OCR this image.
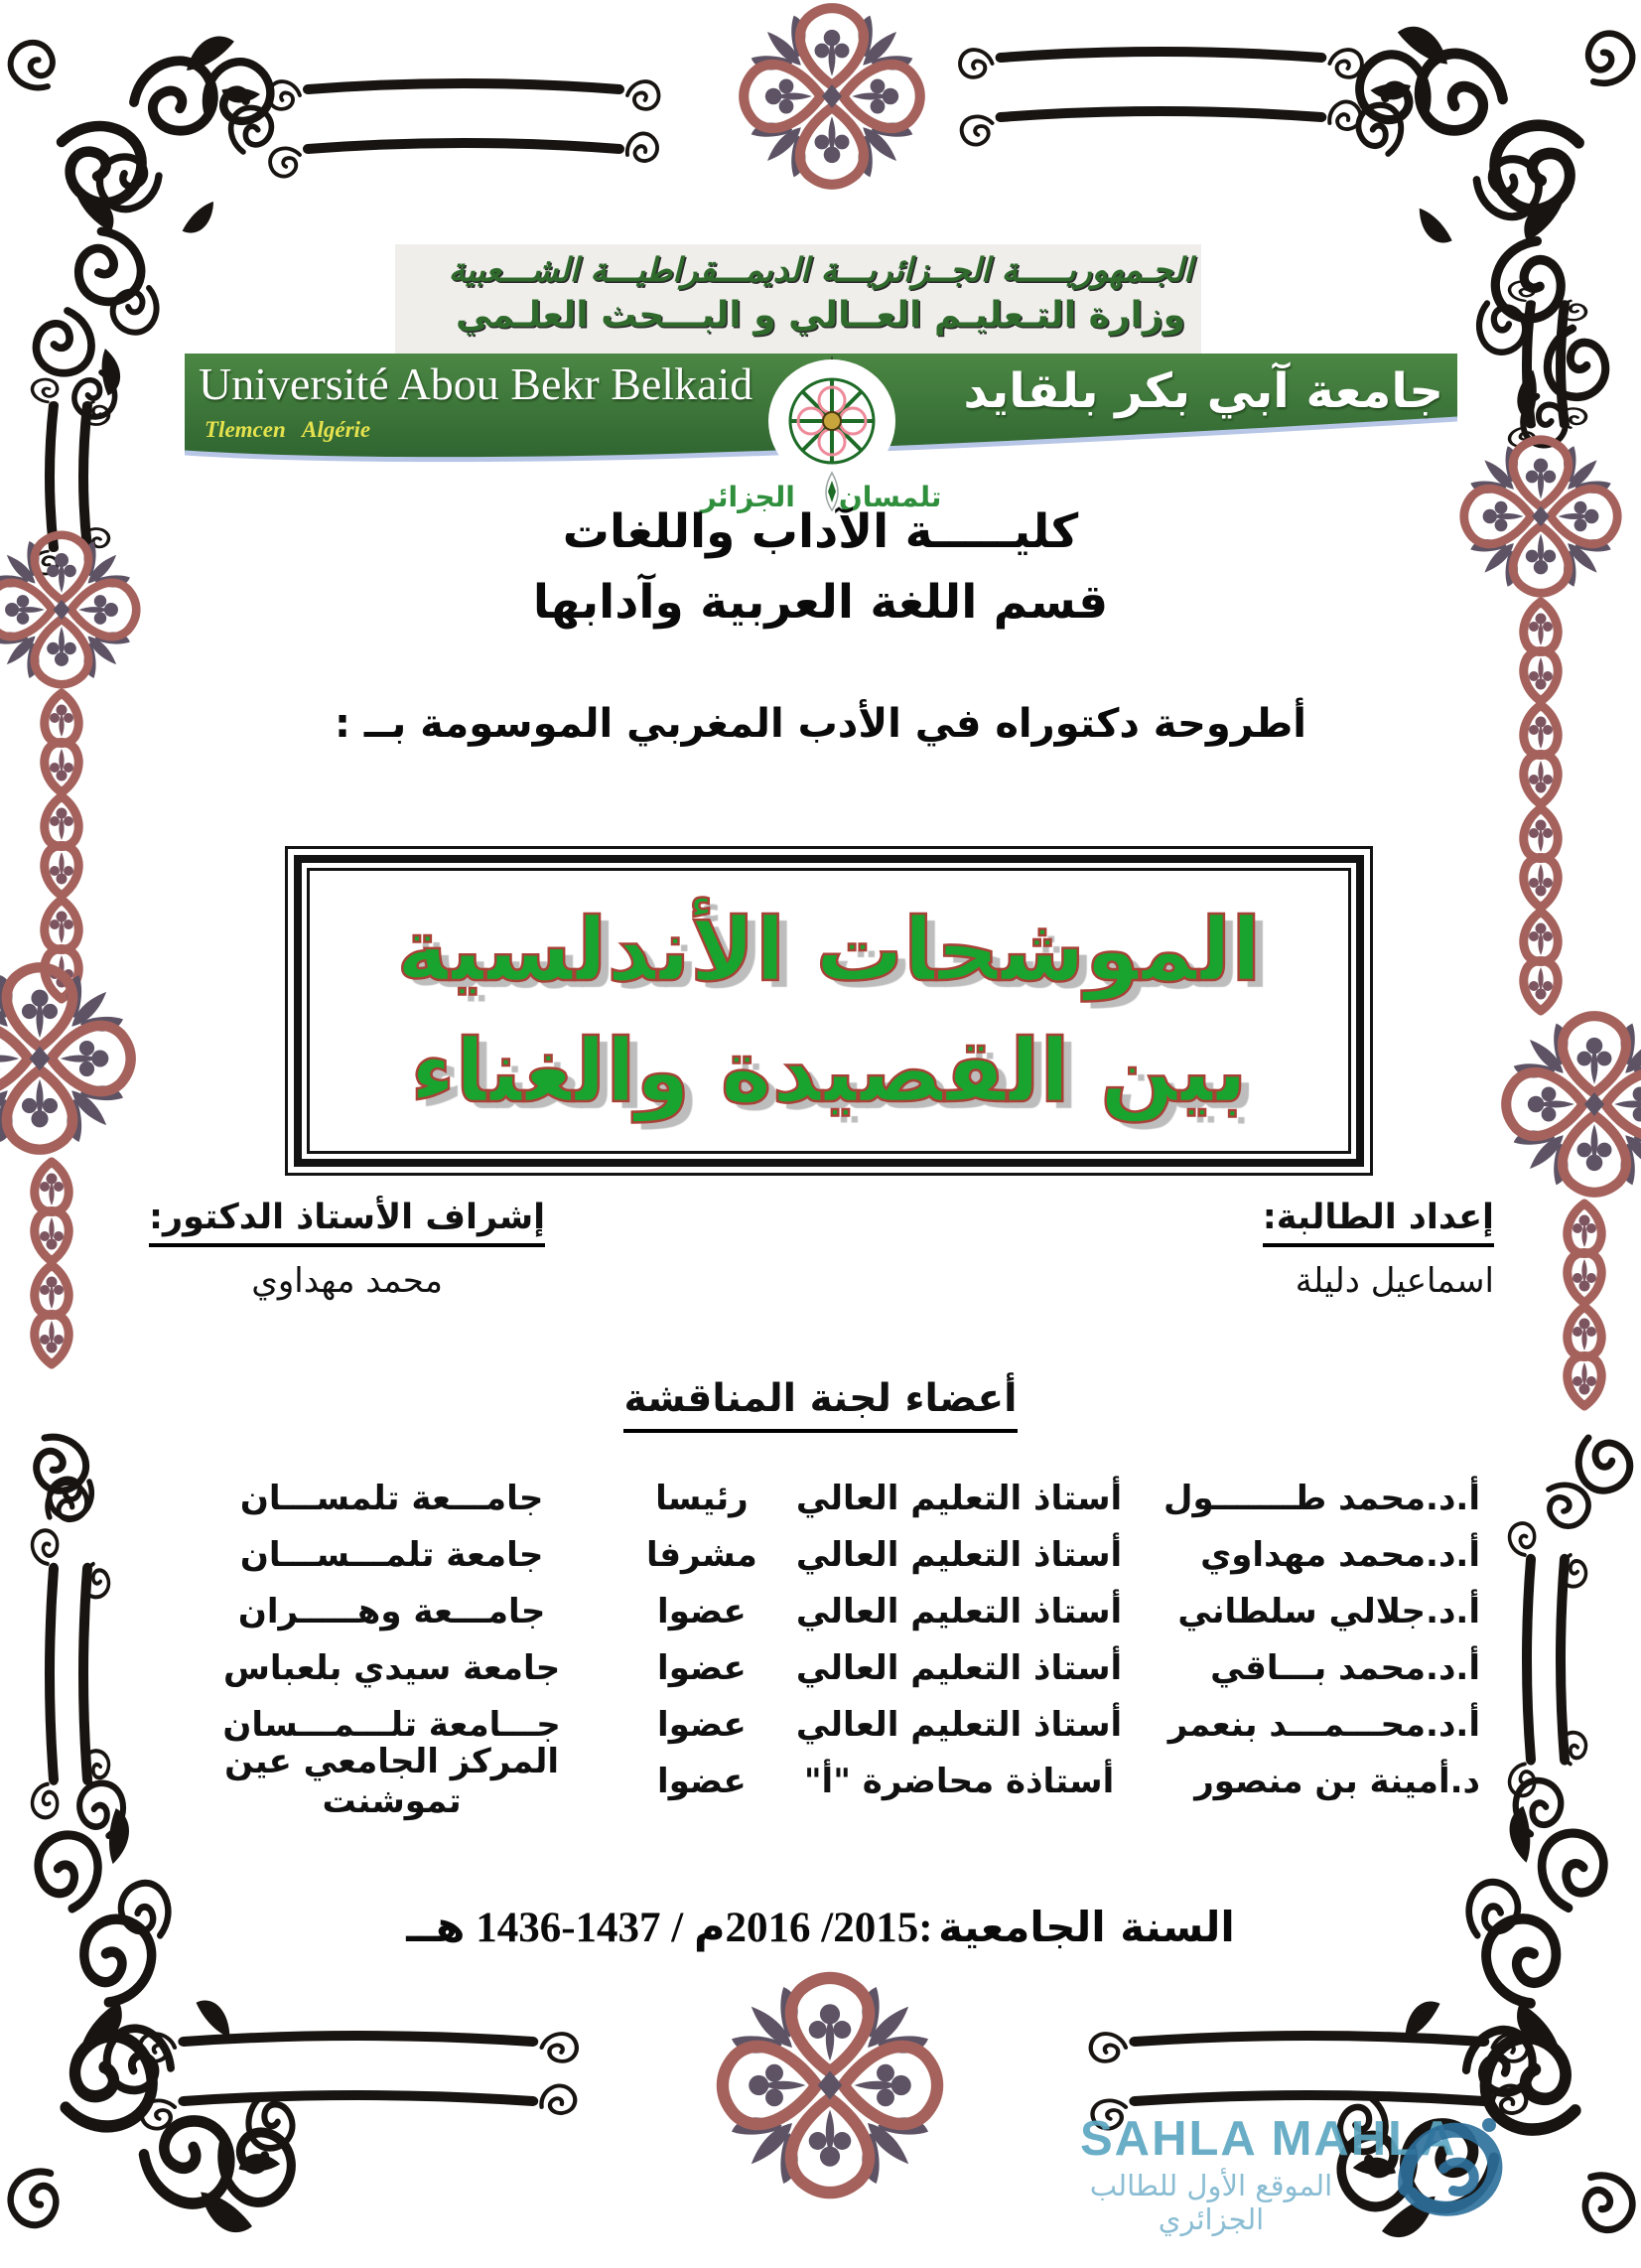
الجـمهوريـــــة الجــزائريـــة الديمـــقراطيـــة الشـــعبية
وزارة التـعليـم العــالي و البـــحث العلـمي
Université Abou Bekr Belkaid
Tlemcen   Algérie
جامعة آبي بكر بلقايد
تلمسان
الجزائر
كليـــــة الآداب واللغات
قسم اللغة العربية وآدابها
أطروحة دكتوراه في الأدب المغربي الموسومة بــ :
الموشحات الأندلسية
بين القصيدة والغناء
إعداد الطالبة:
اسماعيل دليلة
إشراف الأستاذ الدكتور:
محمد مهداوي
أعضاء لجنة المناقشة
أ.د.محمد طـــــــول
أستاذ التعليم العالي
رئيسا
جامـــعة تلمســـان
أ.د.محمد مهداوي
أستاذ التعليم العالي
مشرفا
جامعة تلمـــســـان
أ.د.جلالي سلطاني
أستاذ التعليم العالي
عضوا
جامـــعة وهـــــران
أ.د.محمد بـــاقي
أستاذ التعليم العالي
عضوا
جامعة سيدي بلعباس
أ.د.محـــمـــد بنعمر
أستاذ التعليم العالي
عضوا
جـــامعة تلـــمـــسان
د.أمينة بن منصور
أستاذة محاضرة "أ"
عضوا
المركز الجامعي عين تموشنت
السنة الجامعية :2015/ 2016م / 1437-1436 هــ
SAHLA MAHLA
الموقع الأول للطالب الجزائري
